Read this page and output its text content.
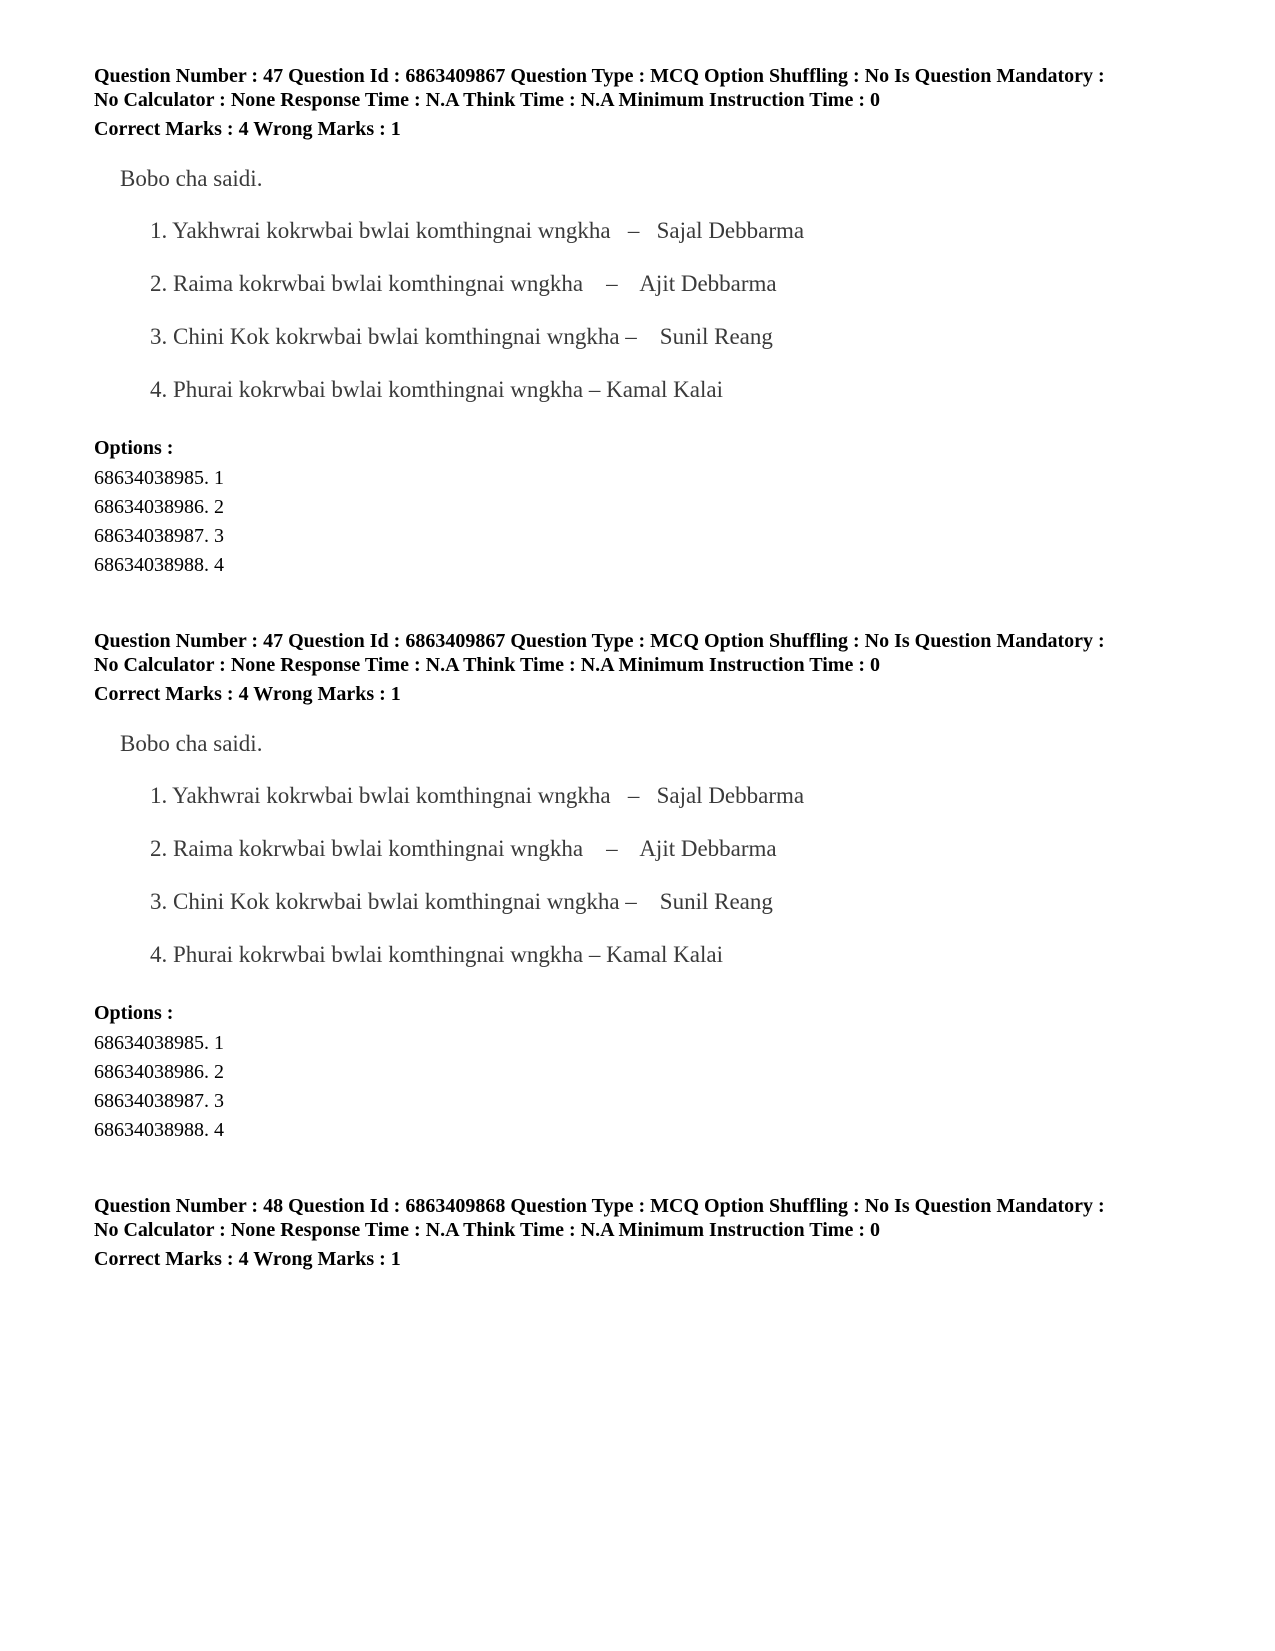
Question Number : 47 Question Id : 6863409867 Question Type : MCQ Option Shuffling : No Is Question Mandatory :

No Calculator : None Response Time : N.A Think Time : N.A Minimum Instruction Time : 0

Correct Marks : 4 Wrong Marks : 1

Bobo cha saidi.

1. Yakhwrai kokrwbai bwlai komthingnai wngkha   –   Sajal Debbarma

2. Raima kokrwbai bwlai komthingnai wngkha    –    Ajit Debbarma

3. Chini Kok kokrwbai bwlai komthingnai wngkha –    Sunil Reang

4. Phurai kokrwbai bwlai komthingnai wngkha – Kamal Kalai

Options :

68634038985. 1

68634038986. 2

68634038987. 3

68634038988. 4

Question Number : 47 Question Id : 6863409867 Question Type : MCQ Option Shuffling : No Is Question Mandatory :

No Calculator : None Response Time : N.A Think Time : N.A Minimum Instruction Time : 0

Correct Marks : 4 Wrong Marks : 1

Bobo cha saidi.

1. Yakhwrai kokrwbai bwlai komthingnai wngkha   –   Sajal Debbarma

2. Raima kokrwbai bwlai komthingnai wngkha    –    Ajit Debbarma

3. Chini Kok kokrwbai bwlai komthingnai wngkha –    Sunil Reang

4. Phurai kokrwbai bwlai komthingnai wngkha – Kamal Kalai

Options :

68634038985. 1

68634038986. 2

68634038987. 3

68634038988. 4

Question Number : 48 Question Id : 6863409868 Question Type : MCQ Option Shuffling : No Is Question Mandatory :

No Calculator : None Response Time : N.A Think Time : N.A Minimum Instruction Time : 0

Correct Marks : 4 Wrong Marks : 1
